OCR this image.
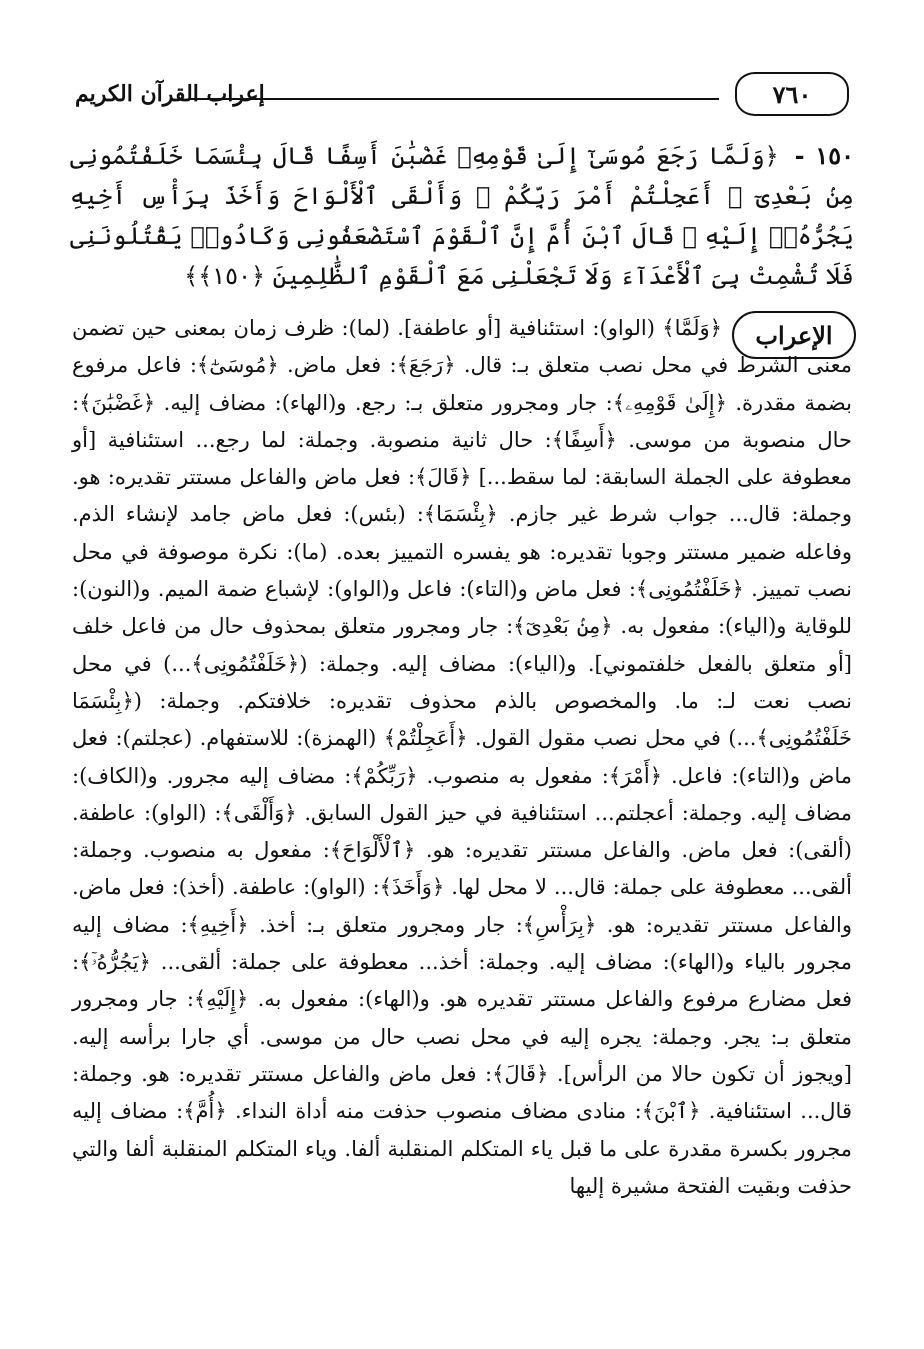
٧٦٠
إعراب القرآن الكريم
١٥٠ - ﴿وَلَمَّا رَجَعَ مُوسَىٰٓ إِلَىٰ قَوْمِهِۦ غَضْبَٰنَ أَسِفًا قَالَ بِئْسَمَا خَلَفْتُمُونِى مِنۢ بَعْدِىٓ ۖ أَعَجِلْتُمْ أَمْرَ رَبِّكُمْ ۖ وَأَلْقَى ٱلْأَلْوَاحَ وَأَخَذَ بِرَأْسِ أَخِيهِ يَجُرُّهُۥٓ إِلَيْهِ ۚ قَالَ ٱبْنَ أُمَّ إِنَّ ٱلْقَوْمَ ٱسْتَضْعَفُونِى وَكَادُوا۟ يَقْتُلُونَنِى فَلَا تُشْمِتْ بِىَ ٱلْأَعْدَآءَ وَلَا تَجْعَلْنِى مَعَ ٱلْقَوْمِ ٱلظَّٰلِمِينَ ﴿١٥٠﴾﴾
الإعراب
﴿وَلَمَّا﴾ (الواو): استئنافية [أو عاطفة]. (لما): ظرف زمان بمعنى حين تضمن معنى الشرط في محل نصب متعلق بـ: قال. ﴿رَجَعَ﴾: فعل ماض. ﴿مُوسَىٰٓ﴾: فاعل مرفوع بضمة مقدرة. ﴿إِلَىٰ قَوْمِهِۦ﴾: جار ومجرور متعلق بـ: رجع. و(الهاء): مضاف إليه. ﴿غَضْبَٰنَ﴾: حال منصوبة من موسى. ﴿أَسِفًا﴾: حال ثانية منصوبة. وجملة: لما رجع... استئنافية [أو معطوفة على الجملة السابقة: لما سقط...] ﴿قَالَ﴾: فعل ماض والفاعل مستتر تقديره: هو. وجملة: قال... جواب شرط غير جازم. ﴿بِئْسَمَا﴾: (بئس): فعل ماض جامد لإنشاء الذم. وفاعله ضمير مستتر وجوبا تقديره: هو يفسره التمييز بعده. (ما): نكرة موصوفة في محل نصب تمييز. ﴿خَلَفْتُمُونِى﴾: فعل ماض و(التاء): فاعل و(الواو): لإشباع ضمة الميم. و(النون): للوقاية و(الياء): مفعول به. ﴿مِنۢ بَعْدِىٓ﴾: جار ومجرور متعلق بمحذوف حال من فاعل خلف [أو متعلق بالفعل خلفتموني]. و(الياء): مضاف إليه. وجملة: (﴿خَلَفْتُمُونِى﴾...) في محل نصب نعت لـ: ما. والمخصوص بالذم محذوف تقديره: خلافتكم. وجملة: (﴿بِئْسَمَا خَلَفْتُمُونِى﴾...) في محل نصب مقول القول. ﴿أَعَجِلْتُمْ﴾ (الهمزة): للاستفهام. (عجلتم): فعل ماض و(التاء): فاعل. ﴿أَمْرَ﴾: مفعول به منصوب. ﴿رَبِّكُمْ﴾: مضاف إليه مجرور. و(الكاف): مضاف إليه. وجملة: أعجلتم... استئنافية في حيز القول السابق. ﴿وَأَلْقَى﴾: (الواو): عاطفة. (ألقى): فعل ماض. والفاعل مستتر تقديره: هو. ﴿ٱلْأَلْوَاحَ﴾: مفعول به منصوب. وجملة: ألقى... معطوفة على جملة: قال... لا محل لها. ﴿وَأَخَذَ﴾: (الواو): عاطفة. (أخذ): فعل ماض. والفاعل مستتر تقديره: هو. ﴿بِرَأْسِ﴾: جار ومجرور متعلق بـ: أخذ. ﴿أَخِيهِ﴾: مضاف إليه مجرور بالياء و(الهاء): مضاف إليه. وجملة: أخذ... معطوفة على جملة: ألقى... ﴿يَجُرُّهُۥٓ﴾: فعل مضارع مرفوع والفاعل مستتر تقديره هو. و(الهاء): مفعول به. ﴿إِلَيْهِ﴾: جار ومجرور متعلق بـ: يجر. وجملة: يجره إليه في محل نصب حال من موسى. أي جارا برأسه إليه. [ويجوز أن تكون حالا من الرأس]. ﴿قَالَ﴾: فعل ماض والفاعل مستتر تقديره: هو. وجملة: قال... استئنافية. ﴿ٱبْنَ﴾: منادى مضاف منصوب حذفت منه أداة النداء. ﴿أُمَّ﴾: مضاف إليه مجرور بكسرة مقدرة على ما قبل ياء المتكلم المنقلبة ألفا. وياء المتكلم المنقلبة ألفا والتي حذفت وبقيت الفتحة مشيرة إليها
